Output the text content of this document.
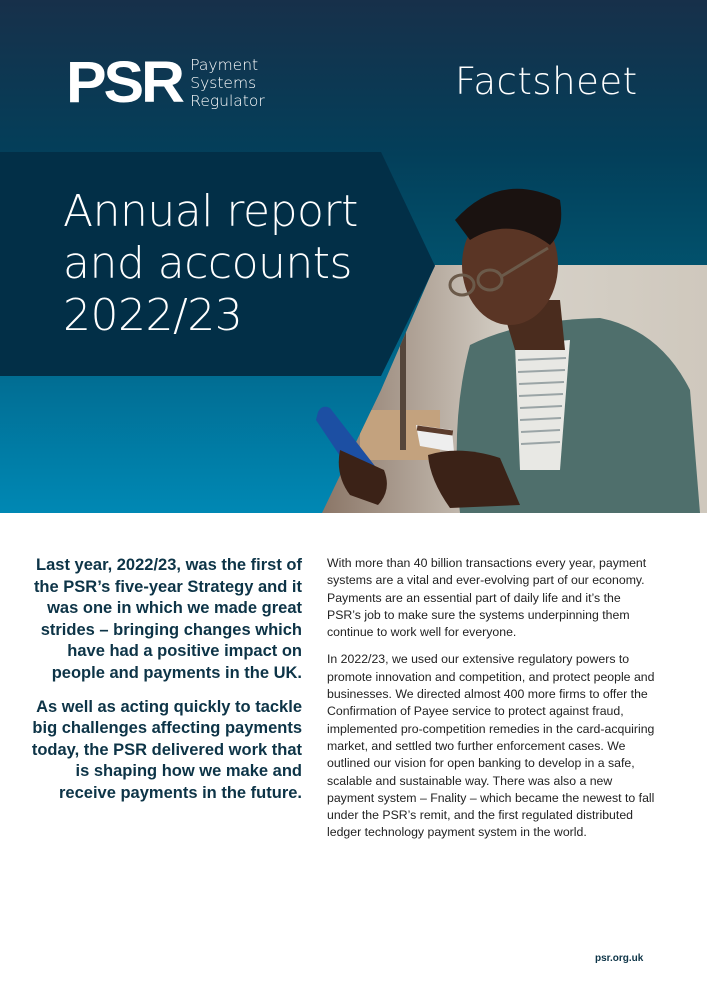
PSR Payment
Systems
Regulator	Factsheet
Annual report
and accounts
2022/23

Last year, 2022/23, was the first of the PSR’s five-year Strategy and it was one in which we made great strides – bringing changes which have had a positive impact on people and payments in the UK.

As well as acting quickly to tackle big challenges affecting payments today, the PSR delivered work that is shaping how we make and receive payments in the future.

With more than 40 billion transactions every year, payment systems are a vital and ever-evolving part of our economy. Payments are an essential part of daily life and it’s the PSR’s job to make sure the systems underpinning them continue to work well for everyone.

In 2022/23, we used our extensive regulatory powers to promote innovation and competition, and protect people and businesses. We directed almost 400 more firms to offer the Confirmation of Payee service to protect against fraud, implemented pro-competition remedies in the card-acquiring market, and settled two further enforcement cases. We outlined our vision for open banking to develop in a safe, scalable and sustainable way. There was also a new payment system – Fnality – which became the newest to fall under the PSR’s remit, and the first regulated distributed ledger technology payment system in the world.

psr.org.uk
